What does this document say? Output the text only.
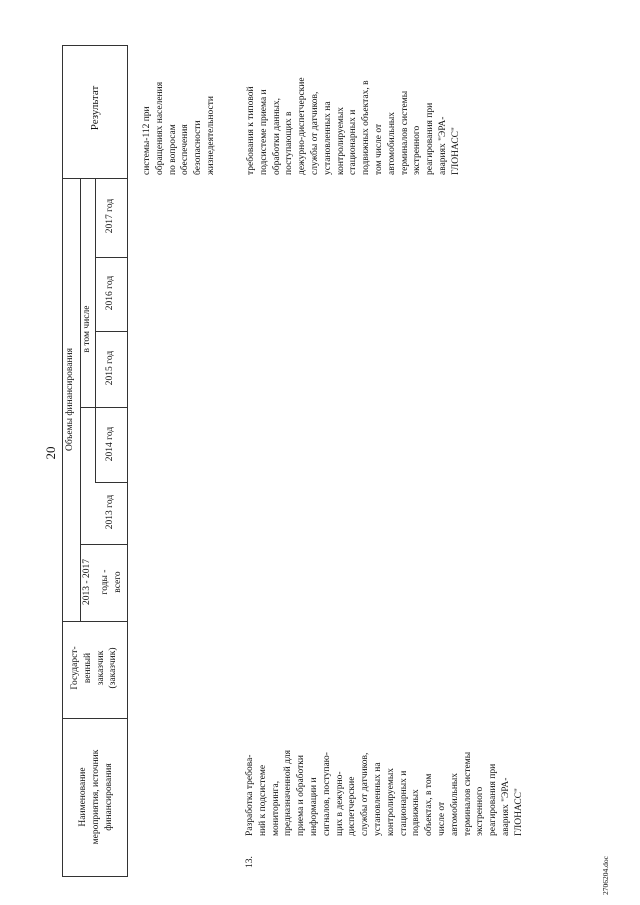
20
Наименование
мероприятия, источник
финансирования
Государст-
венный
заказчик
(заказчик)
Объемы финансирования
2013 - 2017 годы -
всего
в том числе
2013 год
2014 год
2015 год
2016 год
2017 год
Результат
системы-112 при
обращениях населения
по вопросам
обеспечения
безопасности
жизнедеятельности
13.
Разработка требова-
ний к подсистеме
мониторинга,
предназначенной для
приема и обработки
информации и
сигналов, поступаю-
щих в дежурно-
диспетчерские
службы от датчиков,
установленных на
контролируемых
стационарных и
подвижных
объектах, в том
числе от
автомобильных
терминалов системы
экстренного
реагирования при
авариях "ЭРА-
ГЛОНАСС"
требования к типовой
подсистеме приема и
обработки данных,
поступающих в
дежурно-диспетчерские
службы от датчиков,
установленных на
контролируемых
стационарных и
подвижных объектах, в
том числе от
автомобильных
терминалов системы
экстренного
реагирования при
авариях "ЭРА-
ГЛОНАСС"
2706204.doc
